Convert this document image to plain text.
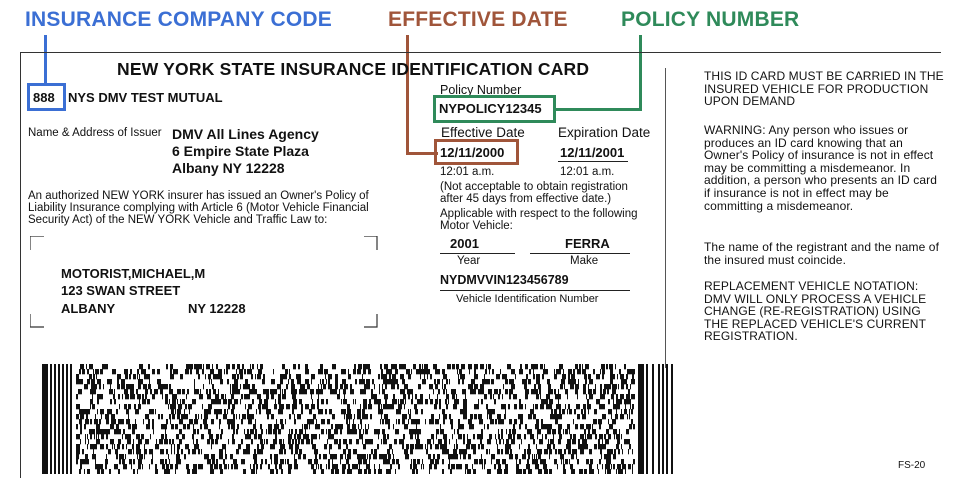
INSURANCE COMPANY CODE	EFFECTIVE DATE	POLICY NUMBER
NEW YORK STATE INSURANCE IDENTIFICATION CARD
888 NYS DMV TEST MUTUAL
Name & Address of Issuer DMV All Lines Agency
6 Empire State Plaza
Albany NY 12228
An authorized NEW YORK insurer has issued an Owner's Policy of
Liability Insurance complying with Article 6 (Motor Vehicle Financial
Security Act) of the NEW YORK Vehicle and Traffic Law to:
MOTORIST,MICHAEL,M
123 SWAN STREET
ALBANY	NY 12228
Policy Number
NYPOLICY12345
Effective Date Expiration Date
12/11/2000	12/11/2001
12:01 a.m.	12:01 a.m.
(Not acceptable to obtain registration
after 45 days from effective date.)
Applicable with respect to the following
Motor Vehicle:
2001	FERRA
Year	Make
NYDMVVIN123456789
Vehicle Identification Number
THIS ID CARD MUST BE CARRIED IN THE INSURED VEHICLE FOR PRODUCTION UPON DEMAND
WARNING: Any person who issues or produces an ID card knowing that an Owner's Policy of insurance is not in effect may be committing a misdemeanor. In addition, a person who presents an ID card if insurance is not in effect may be committing a misdemeanor.
The name of the registrant and the name of the insured must coincide.
REPLACEMENT VEHICLE NOTATION: DMV WILL ONLY PROCESS A VEHICLE CHANGE (RE-REGISTRATION) USING THE REPLACED VEHICLE'S CURRENT REGISTRATION.
FS-20
